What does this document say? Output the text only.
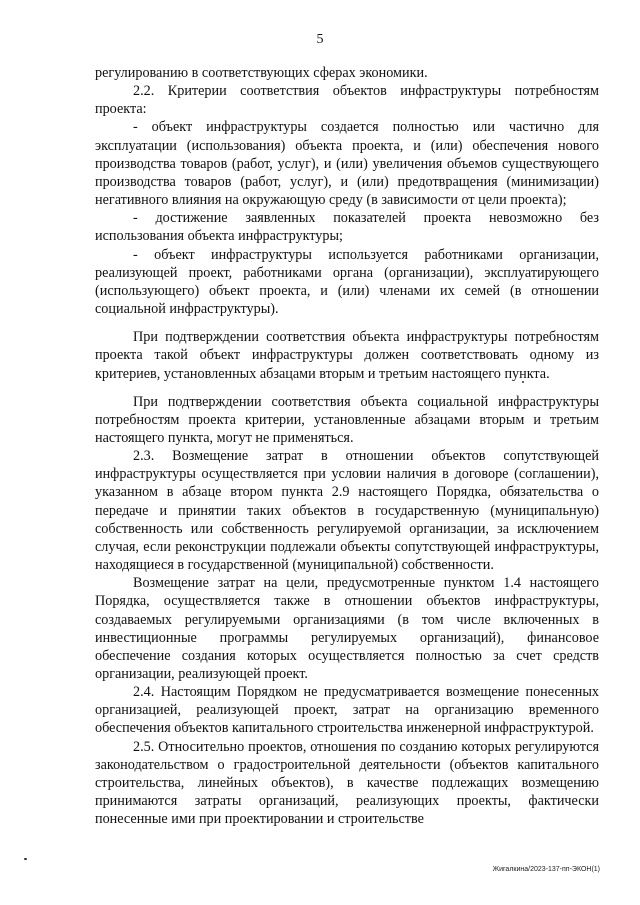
5

регулированию в соответствующих сферах экономики.

2.2. Критерии соответствия объектов инфраструктуры потребностям проекта:

- объект инфраструктуры создается полностью или частично для эксплуатации (использования) объекта проекта, и (или) обеспечения нового производства товаров (работ, услуг), и (или) увеличения объемов существующего производства товаров (работ, услуг), и (или) предотвращения (минимизации) негативного влияния на окружающую среду (в зависимости от цели проекта);

- достижение заявленных показателей проекта невозможно без использования объекта инфраструктуры;

- объект инфраструктуры используется работниками организации, реализующей проект, работниками органа (организации), эксплуатирующего (использующего) объект проекта, и (или) членами их семей (в отношении социальной инфраструктуры).

При подтверждении соответствия объекта инфраструктуры потребностям проекта такой объект инфраструктуры должен соответствовать одному из критериев, установленных абзацами вторым и третьим настоящего пункта.

При подтверждении соответствия объекта социальной инфраструктуры потребностям проекта критерии, установленные абзацами вторым и третьим настоящего пункта, могут не применяться.

2.3. Возмещение затрат в отношении объектов сопутствующей инфраструктуры осуществляется при условии наличия в договоре (соглашении), указанном в абзаце втором пункта 2.9 настоящего Порядка, обязательства о передаче и принятии таких объектов в государственную (муниципальную) собственность или собственность регулируемой организации, за исключением случая, если реконструкции подлежали объекты сопутствующей инфраструктуры, находящиеся в государственной (муниципальной) собственности.

Возмещение затрат на цели, предусмотренные пунктом 1.4 настоящего Порядка, осуществляется также в отношении объектов инфраструктуры, создаваемых регулируемыми организациями (в том числе включенных в инвестиционные программы регулируемых организаций), финансовое обеспечение создания которых осуществляется полностью за счет средств организации, реализующей проект.

2.4. Настоящим Порядком не предусматривается возмещение понесенных организацией, реализующей проект, затрат на организацию временного обеспечения объектов капитального строительства инженерной инфраструктурой.

2.5. Относительно проектов, отношения по созданию которых регулируются законодательством о градостроительной деятельности (объектов капитального строительства, линейных объектов), в качестве подлежащих возмещению принимаются затраты организаций, реализующих проекты, фактически понесенные ими при проектировании и строительстве

Жигалкина/2023-137-пп-ЭКОН(1)
